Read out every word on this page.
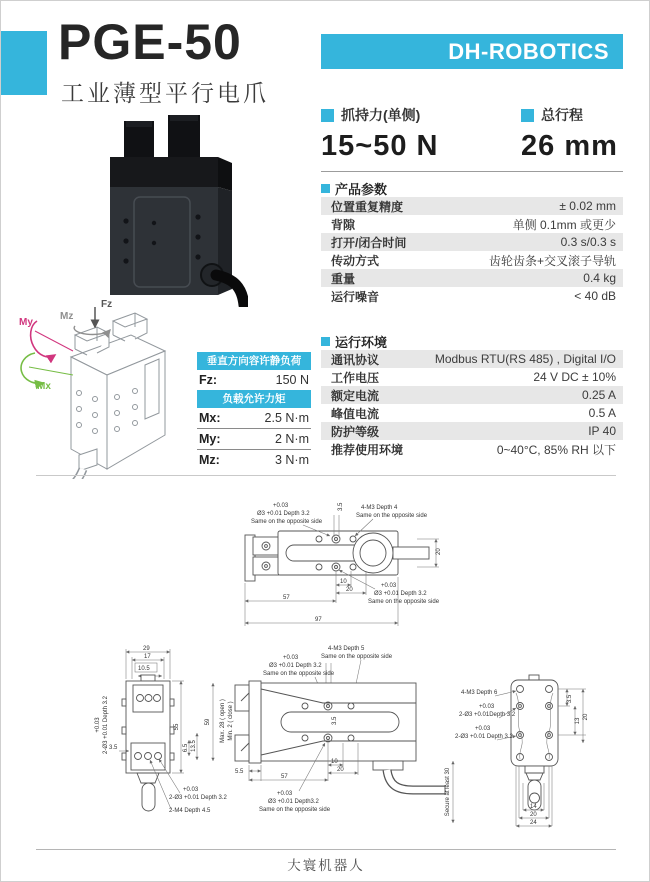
PGE-50
工业薄型平行电爪
DH-ROBOTICS
抓持力(单侧)
15~50 N
总行程
26 mm
产品参数
位置重复精度	± 0.02 mm
背隙	单侧 0.1mm 或更少
打开/闭合时间	0.3 s/0.3 s
传动方式	齿轮齿条+交叉滚子导轨
重量	0.4 kg
运行噪音	< 40 dB
运行环境
通讯协议	Modbus RTU(RS 485) , Digital I/O
工作电压	24 V DC ± 10%
额定电流	0.25 A
峰值电流	0.5 A
防护等级	IP 40
推荐使用环境	0~40°C, 85% RH 以下
Fz
Mz
My
Mx
垂直方向容许静负荷
Fz:	150 N
负载允许力矩
Mx:	2.5 N·m
My:	2 N·m
Mz:	3 N·m
3.5
+0.03
Ø3 +0.01 Depth 3.2
Same on the opposite side
4-M3 Depth 4
Same on the opposite side
20
10
20
+0.03
Ø3 +0.01 Depth 3.2
Same on the opposite side
57
97
4-M3 Depth 5
Same on the opposite side
+0.03
Ø3 +0.01 Depth 3.2
Same on the opposite side
3.5
59 Max. 28 ( open ) Min. 2 ( close )
Secure at least 30
5.5
10
20
57
+0.03
Ø3 +0.01 Depth3.2
Same on the opposite side
29
17
10.5
+0.03 2-Ø3 +0.01 Depth 3.2 3.5
55
6.5 13.5
+0.03
2-Ø3 +0.01 Depth 3.2
2-M4 Depth 4.5
4-M3 Depth 6
+0.03
2-Ø3 +0.01Depth 3.2
+0.03
2-Ø3 +0.01 Depth 3.2
3.5
13
20
14
20
24
大寰机器人
